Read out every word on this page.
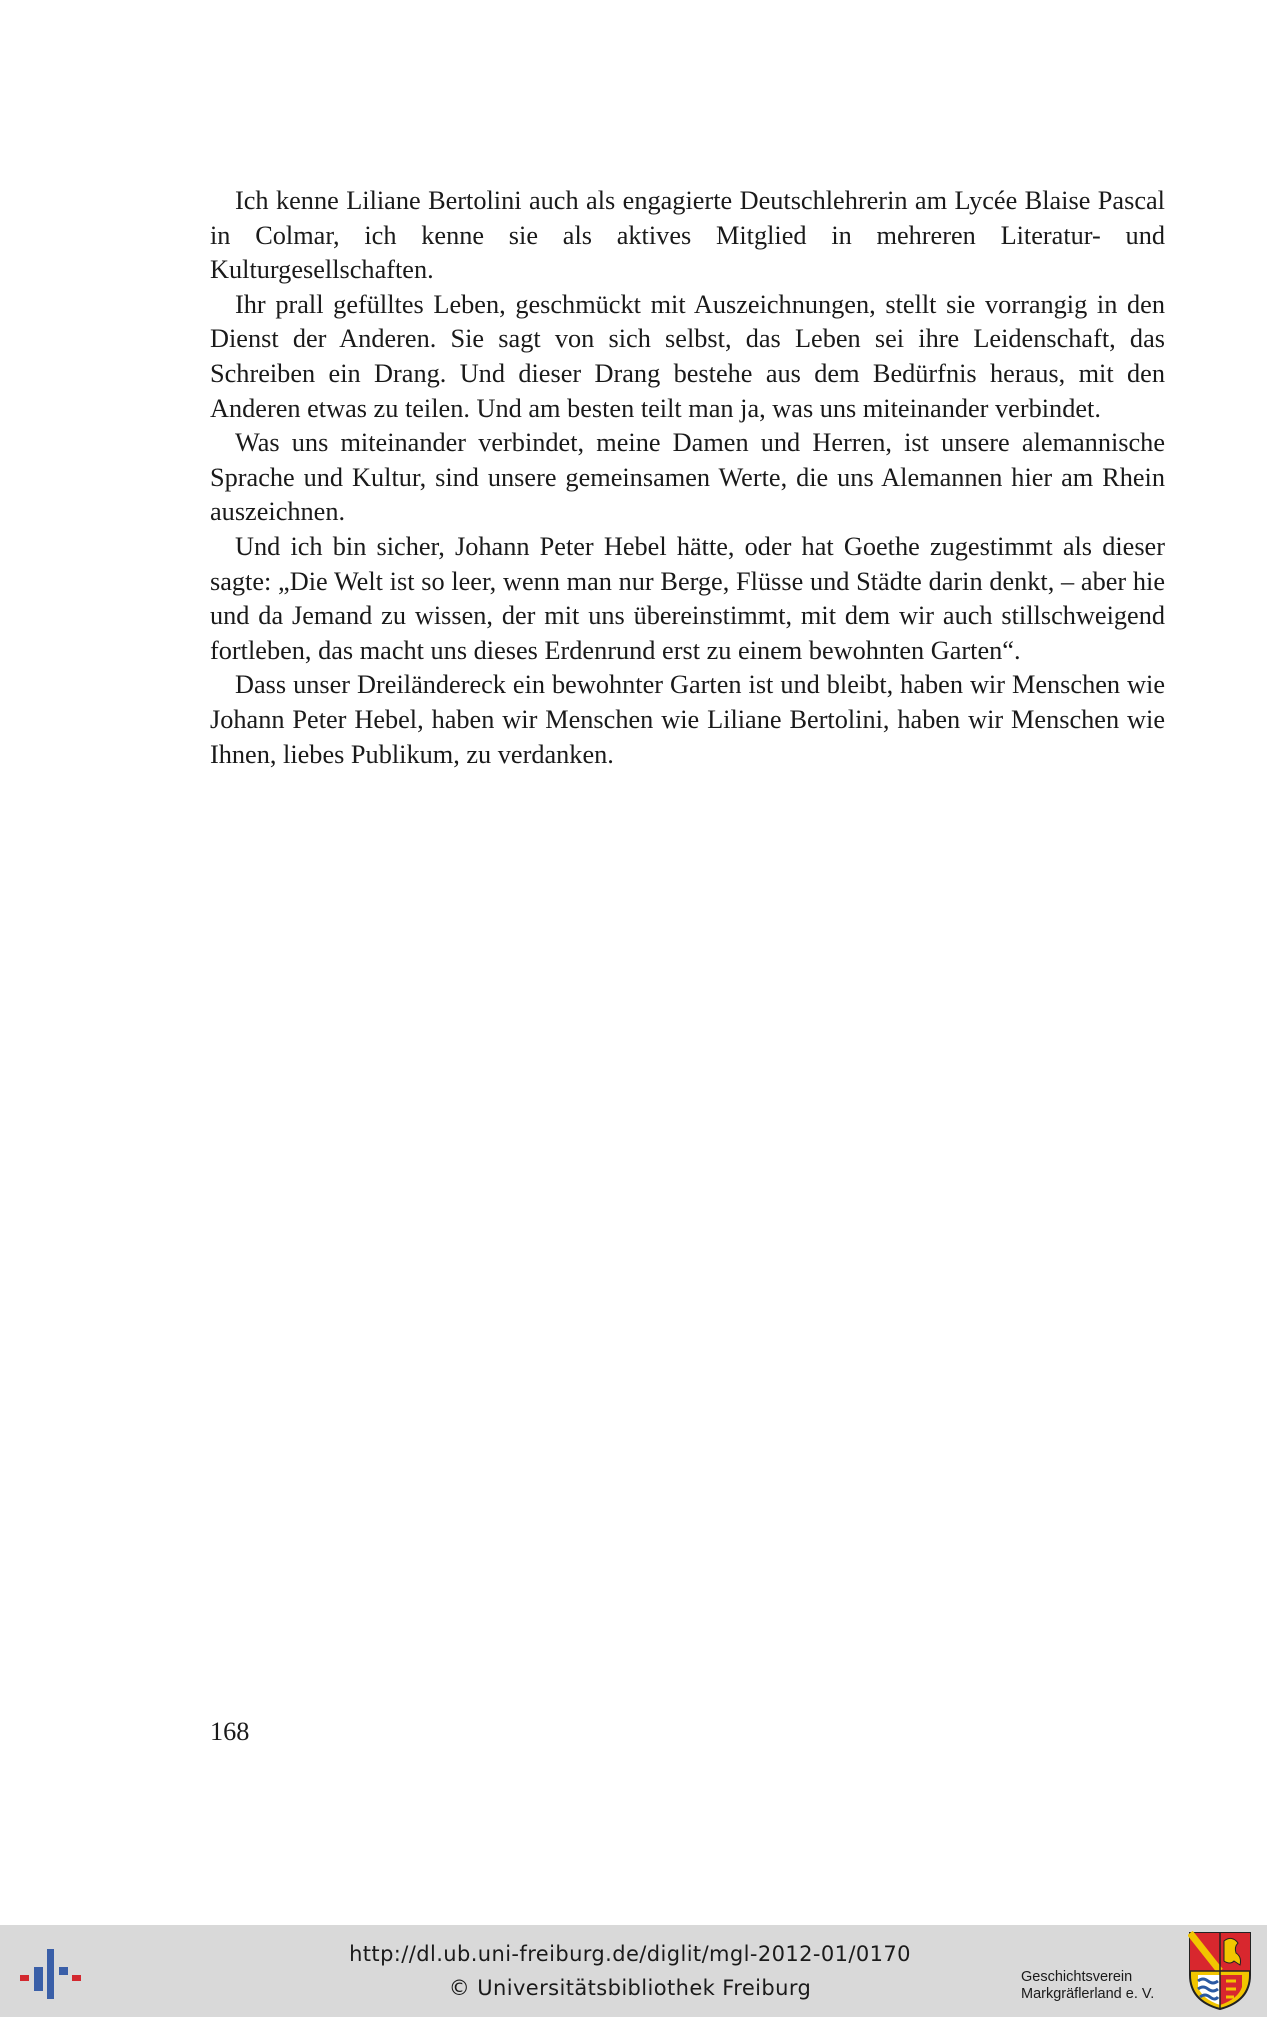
Ich kenne Liliane Bertolini auch als engagierte Deutschlehrerin am Lycée Blaise Pascal in Colmar, ich kenne sie als aktives Mitglied in mehreren Literatur- und Kulturgesellschaften.

Ihr prall gefülltes Leben, geschmückt mit Auszeichnungen, stellt sie vorrangig in den Dienst der Anderen. Sie sagt von sich selbst, das Leben sei ihre Leidenschaft, das Schreiben ein Drang. Und dieser Drang bestehe aus dem Bedürfnis heraus, mit den Anderen etwas zu teilen. Und am besten teilt man ja, was uns miteinander verbindet.

Was uns miteinander verbindet, meine Damen und Herren, ist unsere alemannische Sprache und Kultur, sind unsere gemeinsamen Werte, die uns Alemannen hier am Rhein auszeichnen.

Und ich bin sicher, Johann Peter Hebel hätte, oder hat Goethe zugestimmt als dieser sagte: „Die Welt ist so leer, wenn man nur Berge, Flüsse und Städte darin denkt, – aber hie und da Jemand zu wissen, der mit uns übereinstimmt, mit dem wir auch stillschweigend fortleben, das macht uns dieses Erdenrund erst zu einem bewohnten Garten“.

Dass unser Dreiländereck ein bewohnter Garten ist und bleibt, haben wir Menschen wie Johann Peter Hebel, haben wir Menschen wie Liliane Bertolini, haben wir Menschen wie Ihnen, liebes Publikum, zu verdanken.

168
http://dl.ub.uni-freiburg.de/diglit/mgl-2012-01/0170
© Universitätsbibliothek Freiburg	Geschichtsverein
Markgräflerland e. V.
